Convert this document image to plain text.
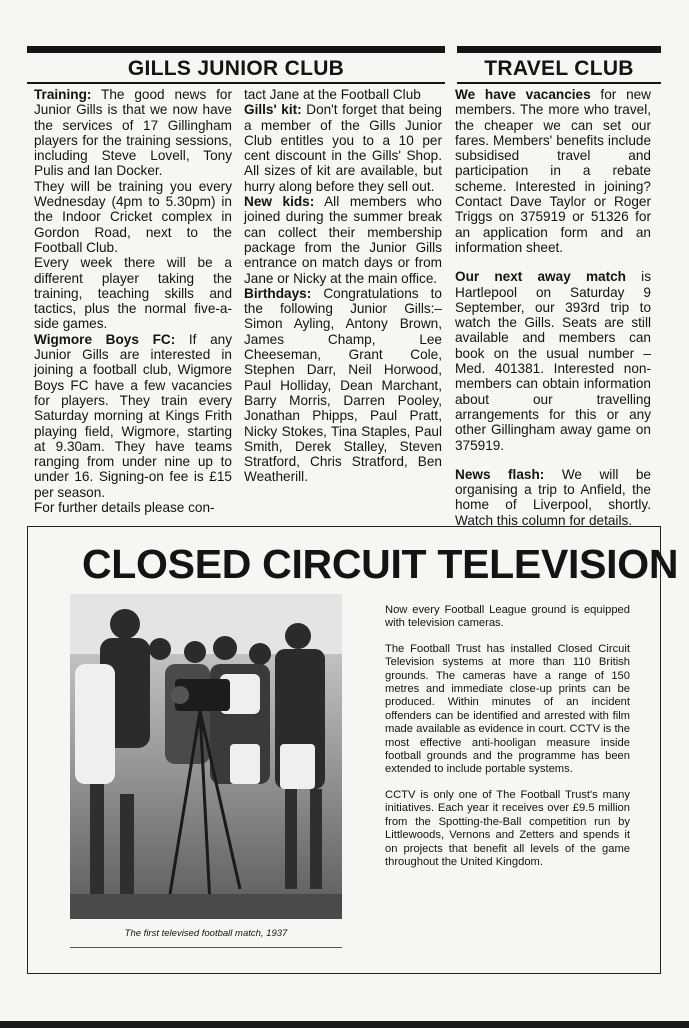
GILLS JUNIOR CLUB	TRAVEL CLUB

Training: The good news for Junior Gills is that we now have the services of 17 Gillingham players for the training sessions, including Steve Lovell, Tony Pulis and Ian Docker.

They will be training you every Wednesday (4pm to 5.30pm) in the Indoor Cricket complex in Gordon Road, next to the Football Club.

Every week there will be a different player taking the training, teaching skills and tactics, plus the normal five-a-side games.

Wigmore Boys FC: If any Junior Gills are interested in joining a football club, Wigmore Boys FC have a few vacancies for players. They train every Saturday morning at Kings Frith playing field, Wigmore, starting at 9.30am. They have teams ranging from under nine up to under 16. Signing-on fee is £15 per season.

For further details please con-

tact Jane at the Football Club

Gills' kit: Don't forget that being a member of the Gills Junior Club entitles you to a 10 per cent discount in the Gills' Shop. All sizes of kit are available, but hurry along before they sell out.

New kids: All members who joined during the summer break can collect their membership package from the Junior Gills entrance on match days or from Jane or Nicky at the main office.

Birthdays: Congratulations to the following Junior Gills:– Simon Ayling, Antony Brown, James Champ, Lee Cheeseman, Grant Cole, Stephen Darr, Neil Horwood, Paul Holliday, Dean Marchant, Barry Morris, Darren Pooley, Jonathan Phipps, Paul Pratt, Nicky Stokes, Tina Staples, Paul Smith, Derek Stalley, Steven Stratford, Chris Stratford, Ben Weatherill.

We have vacancies for new members. The more who travel, the cheaper we can set our fares. Members' benefits include subsidised travel and participation in a rebate scheme. Interested in joining? Contact Dave Taylor or Roger Triggs on 375919 or 51326 for an application form and an information sheet.

Our next away match is Hartlepool on Saturday 9 September, our 393rd trip to watch the Gills. Seats are still available and members can book on the usual number – Med. 401381. Interested non-members can obtain information about our travelling arrangements for this or any other Gillingham away game on 375919.

News flash: We will be organising a trip to Anfield, the home of Liverpool, shortly. Watch this column for details.

CLOSED CIRCUIT TELEVISION
The first televised football match, 1937

Now every Football League ground is equipped with television cameras.

The Football Trust has installed Closed Circuit Television systems at more than 110 British grounds. The cameras have a range of 150 metres and immediate close-up prints can be produced. Within minutes of an incident offenders can be identified and arrested with film made available as evidence in court. CCTV is the most effective anti-hooligan measure inside football grounds and the programme has been extended to include portable systems.

CCTV is only one of The Football Trust's many initiatives. Each year it receives over £9.5 million from the Spotting-the-Ball competition run by Littlewoods, Vernons and Zetters and spends it on projects that benefit all levels of the game throughout the United Kingdom.
